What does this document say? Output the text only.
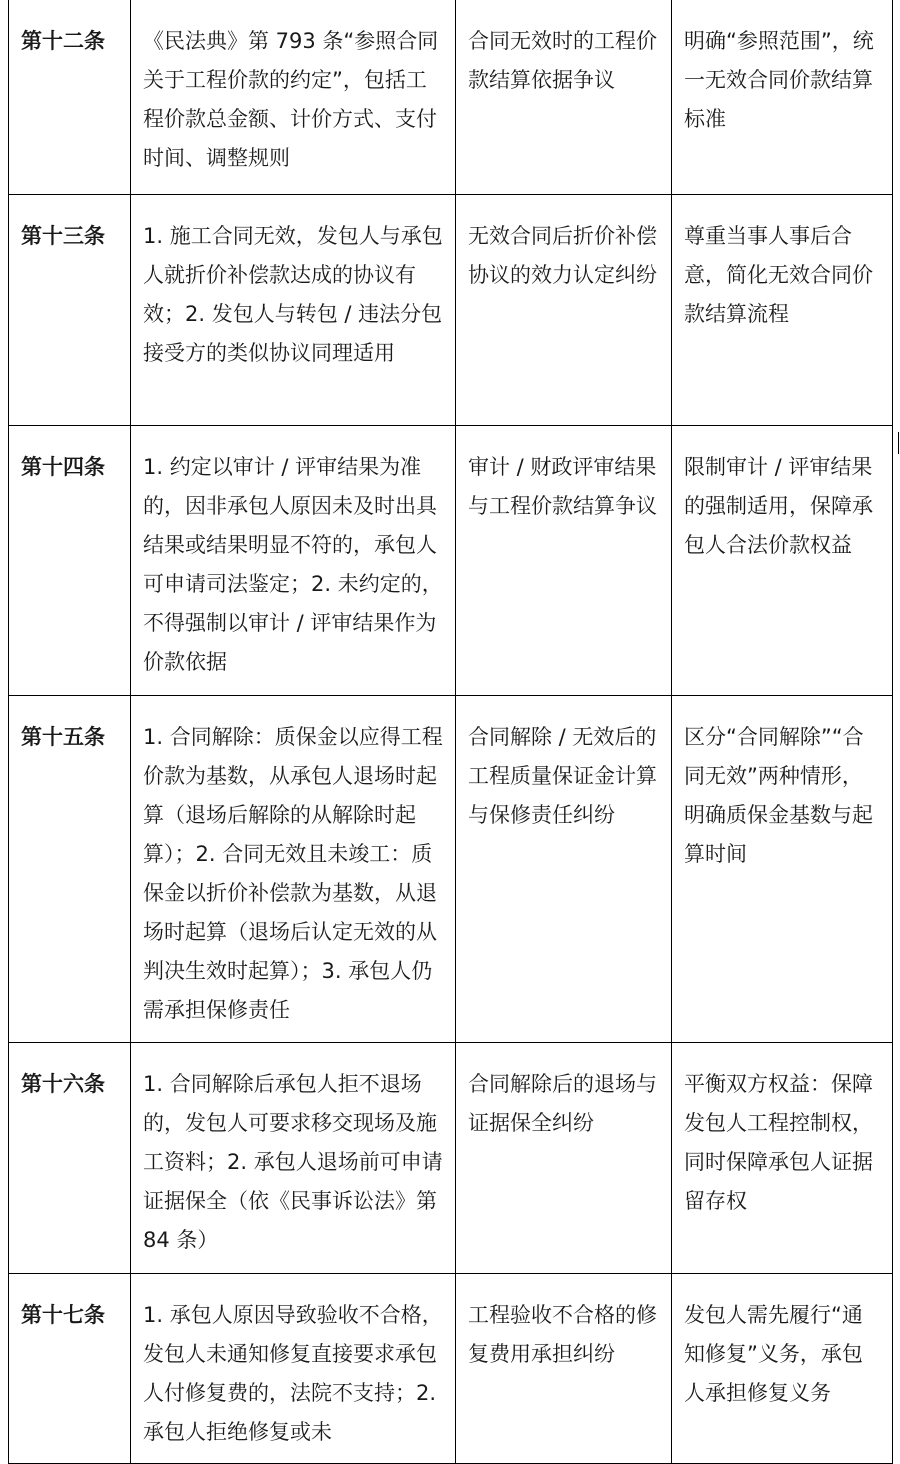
第十二条	《民法典》第 793 条“参照合同关于工程价款的约定”，包括工程价款总金额、计价方式、支付时间、调整规则	合同无效时的工程价款结算依据争议	明确“参照范围”，统一无效合同价款结算标准
第十三条	1. 施工合同无效，发包人与承包人就折价补偿款达成的协议有效；2. 发包人与转包 / 违法分包接受方的类似协议同理适用	无效合同后折价补偿协议的效力认定纠纷	尊重当事人事后合意，简化无效合同价款结算流程
第十四条	1. 约定以审计 / 评审结果为准的，因非承包人原因未及时出具结果或结果明显不符的，承包人可申请司法鉴定；2. 未约定的，不得强制以审计 / 评审结果作为价款依据	审计 / 财政评审结果与工程价款结算争议	限制审计 / 评审结果的强制适用，保障承包人合法价款权益
第十五条	1. 合同解除：质保金以应得工程价款为基数，从承包人退场时起算（退场后解除的从解除时起算）；2. 合同无效且未竣工：质保金以折价补偿款为基数，从退场时起算（退场后认定无效的从判决生效时起算）；3. 承包人仍需承担保修责任	合同解除 / 无效后的工程质量保证金计算与保修责任纠纷	区分“合同解除”“合同无效”两种情形，明确质保金基数与起算时间
第十六条	1. 合同解除后承包人拒不退场的，发包人可要求移交现场及施工资料；2. 承包人退场前可申请证据保全（依《民事诉讼法》第 84 条）	合同解除后的退场与证据保全纠纷	平衡双方权益：保障发包人工程控制权，同时保障承包人证据留存权
第十七条	1. 承包人原因导致验收不合格，发包人未通知修复直接要求承包人付修复费的，法院不支持；2. 承包人拒绝修复或未	工程验收不合格的修复费用承担纠纷	发包人需先履行“通知修复”义务，承包人承担修复义务
